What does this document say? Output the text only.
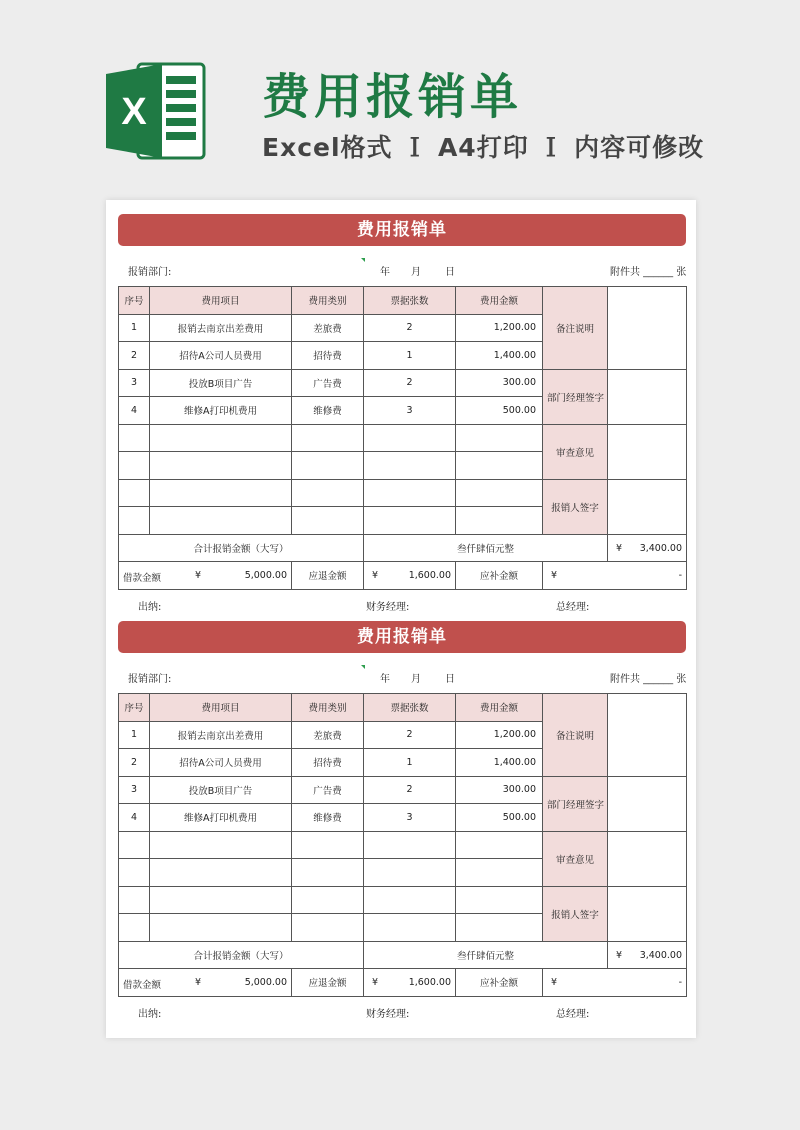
X 费用报销单
Excel格式 Ｉ A4打印 Ｉ 内容可修改
费用报销单
报销部门:	年 月 日	附件共 ______ 张
序号	费用项目	费用类别	票据张数	费用金额	备注说明	
1	报销去南京出差费用	差旅费	2	1,200.00		
2	招待A公司人员费用	招待费	1	1,400.00		
3	投放B项目广告	广告费	2	300.00	部门经理签字	
4	维修A打印机费用	维修费	3	500.00		
					审查意见	

					报销人签字	

合计报销金额（大写）			叁仟肆佰元整			¥ 3,400.00

借款金额 ¥ 5,000.00		应退金额	¥ 1,600.00	应补金额	¥ -	
出纳:	财务经理:	总经理:
费用报销单
报销部门:	年 月 日	附件共 ______ 张
序号	费用项目	费用类别	票据张数	费用金额	备注说明	
1	报销去南京出差费用	差旅费	2	1,200.00		
2	招待A公司人员费用	招待费	1	1,400.00		
3	投放B项目广告	广告费	2	300.00	部门经理签字	
4	维修A打印机费用	维修费	3	500.00		
					审查意见	

					报销人签字	

合计报销金额（大写）			叁仟肆佰元整			¥ 3,400.00

借款金额 ¥ 5,000.00		应退金额	¥ 1,600.00	应补金额	¥ -	
出纳:	财务经理:	总经理:
